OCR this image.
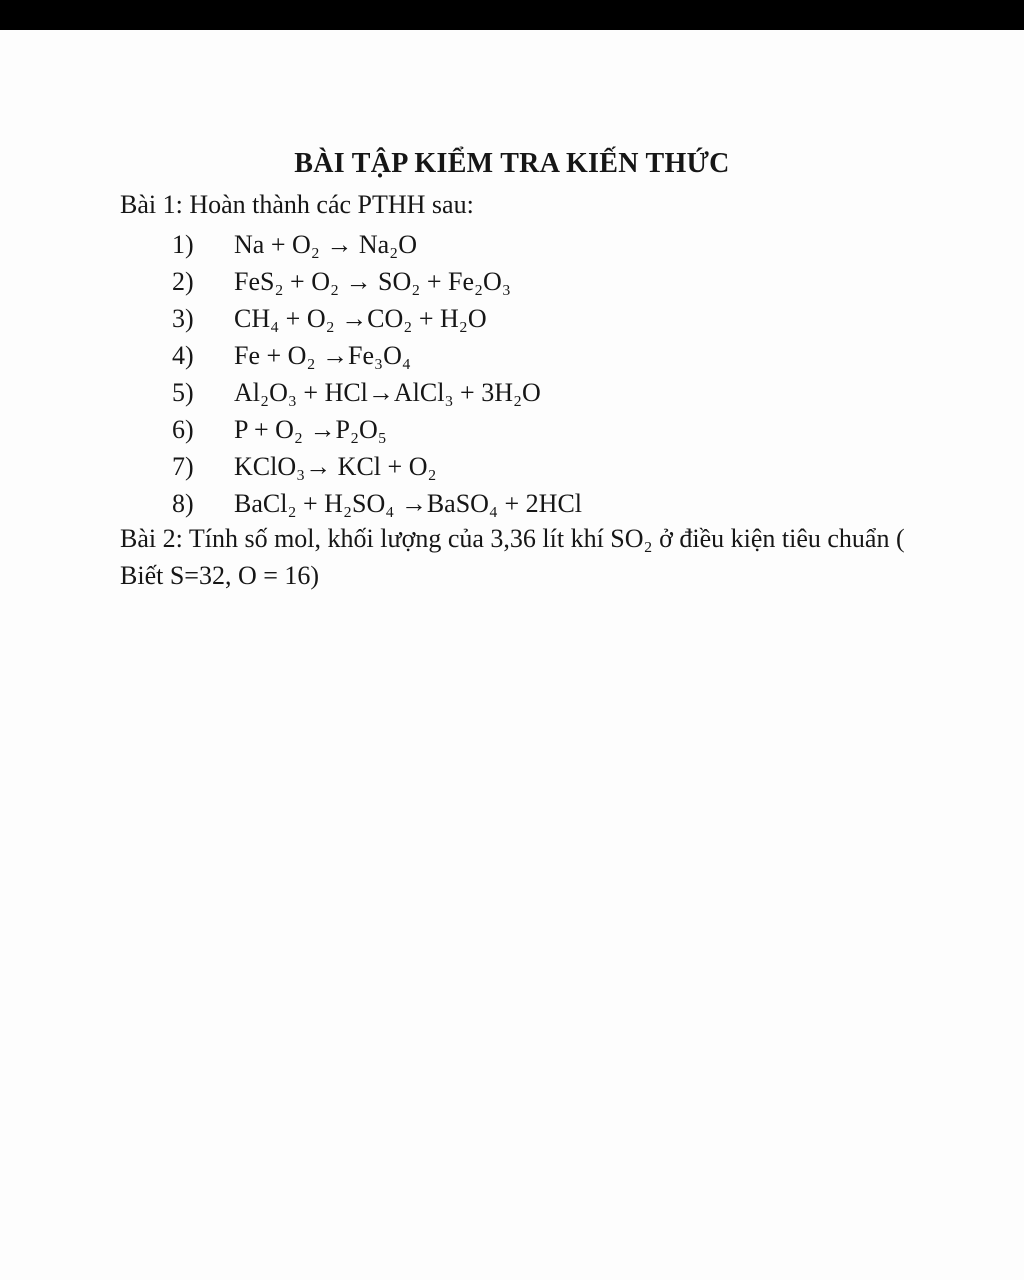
BÀI TẬP KIỂM TRA KIẾN THỨC
Bài 1: Hoàn thành các PTHH sau:
1)	Na + O₂ → Na₂O
2)	FeS₂ + O₂ → SO₂ + Fe₂O₃
3)	CH₄ + O₂ →CO₂ + H₂O
4)	Fe + O₂ →Fe₃O₄
5)	Al₂O₃ + HCl→AlCl₃ + 3H₂O
6)	P + O₂ →P₂O₅
7)	KClO₃→ KCl + O₂
8)	BaCl₂ + H₂SO₄ →BaSO₄ + 2HCl
Bài 2: Tính số mol, khối lượng của 3,36 lít khí SO₂ ở điều kiện tiêu chuẩn ( Biết S=32, O = 16)
